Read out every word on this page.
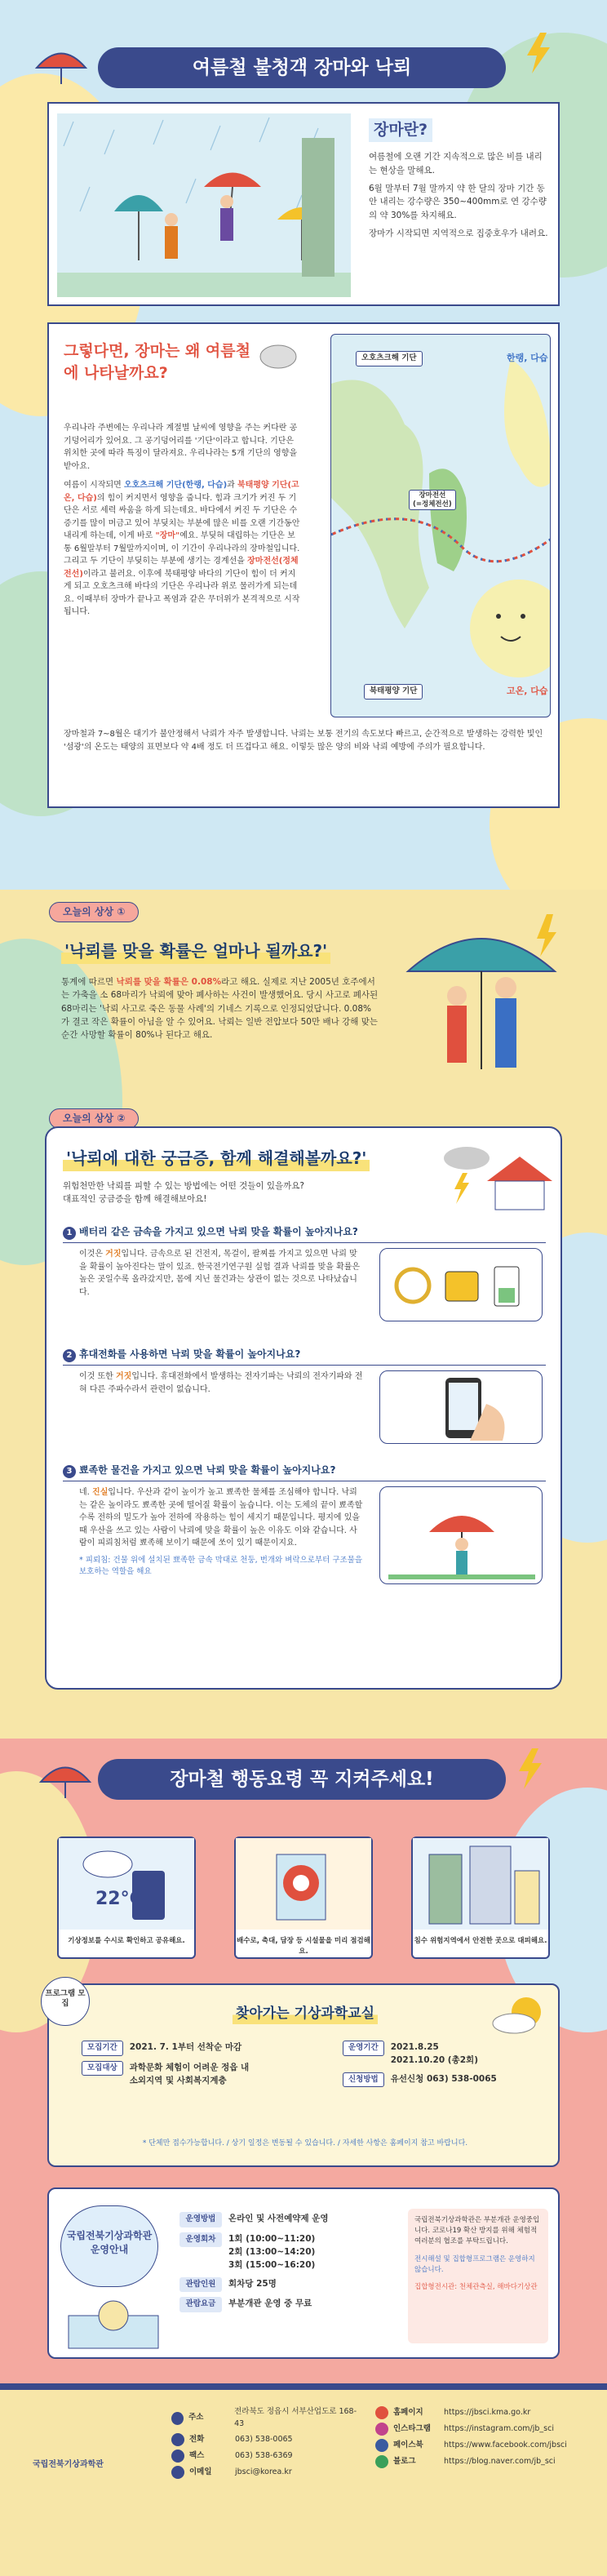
여름철 불청객 장마와 낙뢰
장마란?

여름철에 오랜 기간 지속적으로 많은 비를 내리는 현상을 말해요.

6월 말부터 7월 말까지 약 한 달의 장마 기간 동안 내리는 강수량은 350~400mm로 연 강수량의 약 30%를 차지해요.

장마가 시작되면 지역적으로 집중호우가 내려요.

그렇다면, 장마는 왜 여름철에 나타날까요?

우리나라 주변에는 우리나라 계절별 날씨에 영향을 주는 커다란 공기덩어리가 있어요. 그 공기덩어리를 '기단'이라고 합니다. 기단은 위치한 곳에 따라 특징이 달라져요. 우리나라는 5개 기단의 영향을 받아요.

여름이 시작되면 오호츠크해 기단(한랭, 다습)과 북태평양 기단(고온, 다습)의 힘이 커지면서 영향을 줍니다. 힘과 크기가 커진 두 기단은 서로 세력 싸움을 하게 되는데요. 바다에서 커진 두 기단은 수증기를 많이 머금고 있어 부딪치는 부분에 많은 비를 오랜 기간동안 내리게 하는데, 이게 바로 "장마"예요. 부딪혀 대립하는 기단은 보통 6월말부터 7월말까지이며, 이 기간이 우리나라의 장마철입니다. 그리고 두 기단이 부딪히는 부분에 생기는 경계선을 장마전선(정체전선)이라고 불러요. 이후에 북태평양 바다의 기단이 힘이 더 커지게 되고 오호츠크해 바다의 기단은 우리나라 위로 물러가게 되는데요. 이때부터 장마가 끝나고 폭염과 같은 무더위가 본격적으로 시작됩니다.

오호츠크해 기단	한랭, 다습
장마전선
(=정체전선)
북태평양 기단	고온, 다습

장마철과 7~8월은 대기가 불안정해서 낙뢰가 자주 발생합니다. 낙뢰는 보통 전기의 속도보다 빠르고, 순간적으로 발생하는 강력한 빛인 '섬광'의 온도는 태양의 표면보다 약 4배 정도 더 뜨겁다고 해요. 이렇듯 많은 양의 비와 낙뢰 예방에 주의가 필요합니다.

오늘의 상상 ①
'낙뢰를 맞을 확률은 얼마나 될까요?'

통계에 따르면 낙뢰를 맞을 확률은 0.08%라고 해요. 실제로 지난 2005년 호주에서는 가축을 소 68마리가 낙뢰에 맞아 폐사하는 사건이 발생했어요. 당시 사고로 폐사된 68마리는 '낙뢰 사고로 죽은 동물 사례'의 기네스 기록으로 인정되었답니다. 0.08%가 결코 작은 확률이 아님을 알 수 있어요. 낙뢰는 일반 전압보다 50만 배나 강해 맞는 순간 사망할 확률이 80%나 된다고 해요.

오늘의 상상 ②
'낙뢰에 대한 궁금증, 함께 해결해볼까요?'

위험천만한 낙뢰를 피할 수 있는 방법에는 어떤 것들이 있을까요?

대표적인 궁금증을 함께 해결해보아요!

1 배터리 같은 금속을 가지고 있으면 낙뢰 맞을 확률이 높아지나요?

이것은 거짓입니다. 금속으로 된 건전지, 목걸이, 팔찌를 가지고 있으면 낙뢰 맞을 확률이 높아진다는 말이 있죠. 한국전기연구원 실험 결과 낙뢰를 맞을 확률은 높은 곳일수록 올라갔지만, 몸에 지닌 물건과는 상관이 없는 것으로 나타났습니다.

2 휴대전화를 사용하면 낙뢰 맞을 확률이 높아지나요?

이것 또한 거짓입니다. 휴대전화에서 발생하는 전자기파는 낙뢰의 전자기파와 전혀 다른 주파수라서 관련이 없습니다.

3 뾰족한 물건을 가지고 있으면 낙뢰 맞을 확률이 높아지나요?

네. 진실입니다. 우산과 같이 높이가 높고 뾰족한 물체를 조심해야 합니다. 낙뢰는 같은 높이라도 뾰족한 곳에 떨어질 확률이 높습니다. 이는 도체의 끝이 뾰족할수록 전하의 밀도가 높아 전하에 작용하는 힘이 세지기 때문입니다. 평지에 있을 때 우산을 쓰고 있는 사람이 낙뢰에 맞을 확률이 높은 이유도 이와 같습니다. 사람이 피뢰침처럼 뾰족해 보이기 때문에 쏘이 있기 때문이지요.

* 피뢰침: 건물 위에 설치된 뾰족한 금속 막대로 천둥, 번개와 벼락으로부터 구조물을 보호하는 역할을 해요

장마철 행동요령 꼭 지켜주세요!
22°C
기상정보를 수시로 확인하고 공유해요.	배수로, 축대, 담장 등 시설물을 미리 점검해요.
침수 위험지역에서 안전한 곳으로 대피해요.
프로그램 모집
찾아가는 기상과학교실
모집기간	2021. 7. 1부터 선착순 마감
모집대상	과학문화 체험이 어려운 정읍 내
소외지역 및 사회복지계층
운영기간	2021.8.25
2021.10.20 (총2회)
신청방법	유선신청 063) 538-0065
* 단체만 접수가능합니다. / 상기 일정은 변동될 수 있습니다. / 자세한 사항은 홈페이지 참고 바랍니다.
국립전북기상과학관 운영안내
운영방법	온라인 및 사전예약제 운영
운영회차	1회 (10:00~11:20)
2회 (13:00~14:20)
3회 (15:00~16:20)
관람인원	회차당 25명
관람요금	부분개관 운영 중 무료

국립전북기상과학관은 부분개관 운영중입니다. 코로나19 확산 방지를 위해 체험적 여러분의 협조를 부탁드립니다.

전시해설 및 집합형프로그램은 운영하지 않습니다.

집합형전시관: 천체관측실, 해바다기상관

국립전북기상과학관
주소
전라북도 정읍시 서부산업도로 168-43
전화	063) 538-0065
팩스	063) 538-6369
이메일	jbsci@korea.kr
홈페이지	https://jbsci.kma.go.kr
인스타그램 https://instagram.com/jb_sci
페이스북	https://www.facebook.com/jbsci
블로그	https://blog.naver.com/jb_sci
